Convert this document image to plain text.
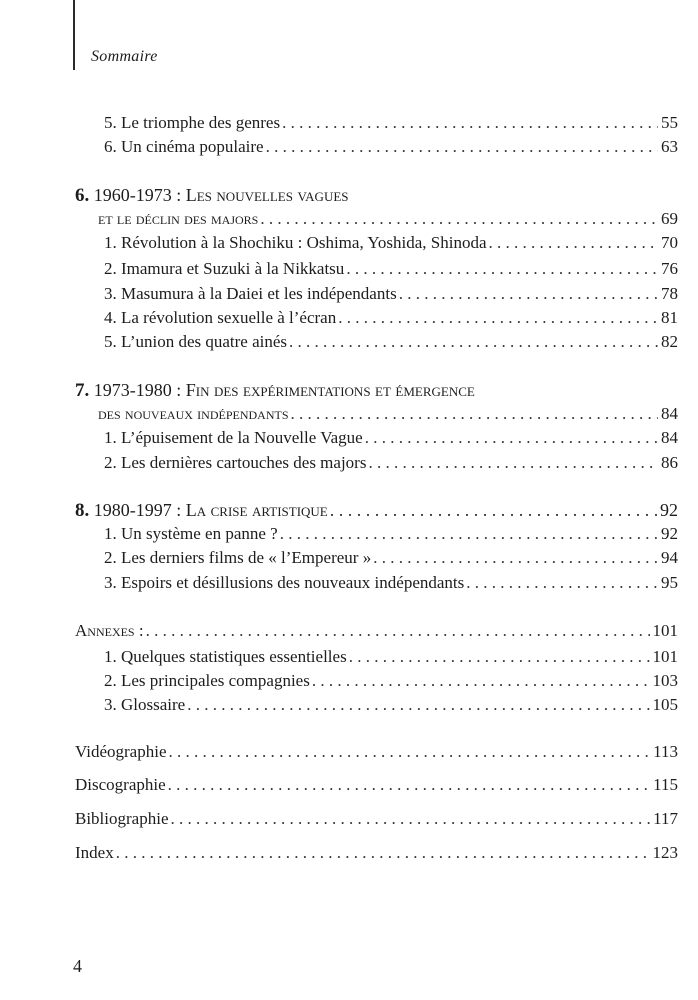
Sommaire
5. Le triomphe des genres . . .	55
6. Un cinéma populaire . . .	63
6. 1960-1973 : Les nouvelles vagues
et le déclin des majors . . .	69
1. Révolution à la Shochiku : Oshima, Yoshida, Shinoda . . .	70
2. Imamura et Suzuki à la Nikkatsu . . .	76
3. Masumura à la Daiei et les indépendants . . .	78
4. La révolution sexuelle à l’écran . . .	81
5. L’union des quatre ainés . . .	82
7. 1973-1980 : Fin des expérimentations et émergence
des nouveaux indépendants . . .	84
1. L’épuisement de la Nouvelle Vague . . .	84
2. Les dernières cartouches des majors . . .	86
8. 1980-1997 : La crise artistique . . .	92
1. Un système en panne ? . . .	92
2. Les derniers films de « l’Empereur » . . .	94
3. Espoirs et désillusions des nouveaux indépendants . . .	95
Annexes : . . .	101
1. Quelques statistiques essentielles . . .	101
2. Les principales compagnies . . .	103
3. Glossaire . . .	105
Vidéographie . . .	113
Discographie . . .	115
Bibliographie . . .	117
Index . . .	123
4
